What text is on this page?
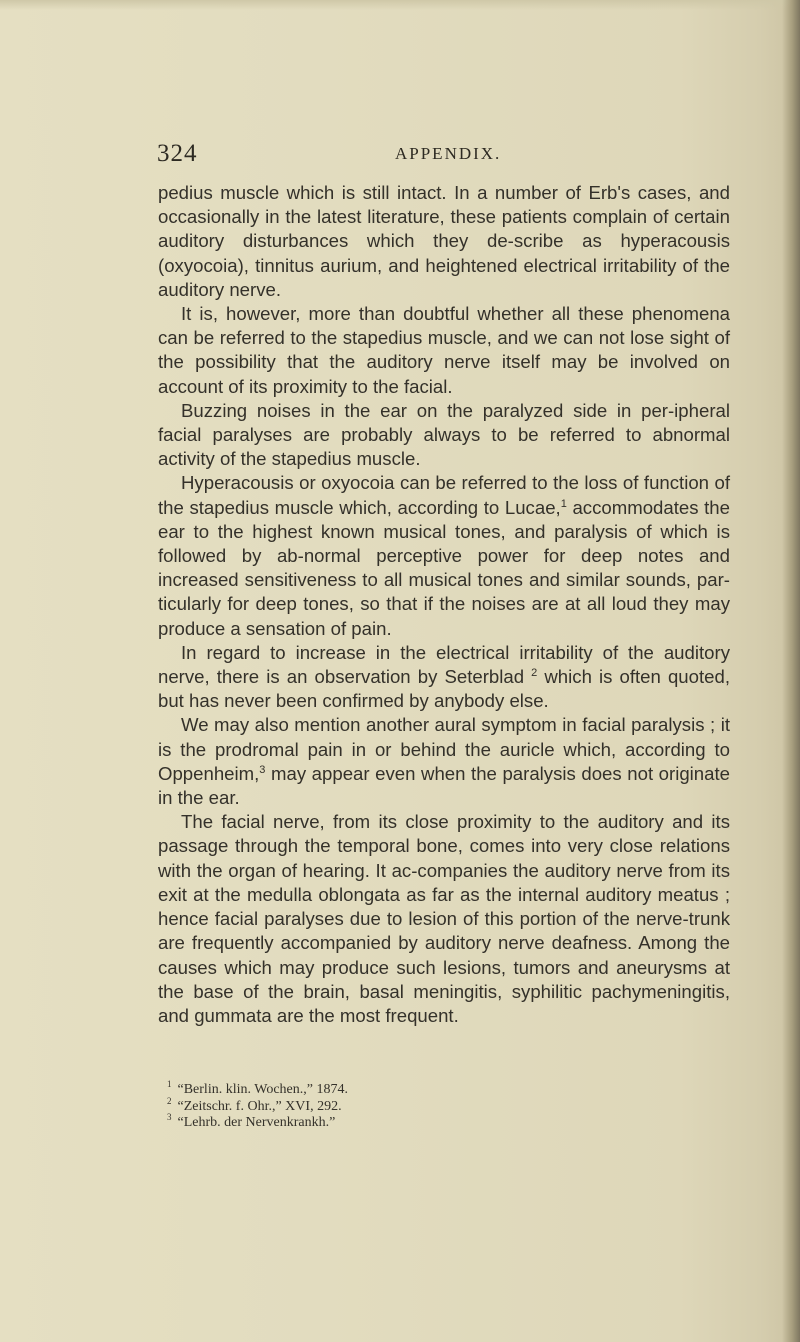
324	APPENDIX.

pedius muscle which is still intact. In a number of Erb's cases, and occasionally in the latest literature, these patients complain of certain auditory disturbances which they de-scribe as hyperacousis (oxyocoia), tinnitus aurium, and heightened electrical irritability of the auditory nerve.

It is, however, more than doubtful whether all these phenomena can be referred to the stapedius muscle, and we can not lose sight of the possibility that the auditory nerve itself may be involved on account of its proximity to the facial.

Buzzing noises in the ear on the paralyzed side in per-ipheral facial paralyses are probably always to be referred to abnormal activity of the stapedius muscle.

Hyperacousis or oxyocoia can be referred to the loss of function of the stapedius muscle which, according to Lucae,$^1$ accommodates the ear to the highest known musical tones, and paralysis of which is followed by ab-normal perceptive power for deep notes and increased sensitiveness to all musical tones and similar sounds, par-ticularly for deep tones, so that if the noises are at all loud they may produce a sensation of pain.

In regard to increase in the electrical irritability of the auditory nerve, there is an observation by Seterblad $^2$ which is often quoted, but has never been confirmed by anybody else.

We may also mention another aural symptom in facial paralysis ; it is the prodromal pain in or behind the auricle which, according to Oppenheim,$^3$ may appear even when the paralysis does not originate in the ear.

The facial nerve, from its close proximity to the auditory and its passage through the temporal bone, comes into very close relations with the organ of hearing. It ac-companies the auditory nerve from its exit at the medulla oblongata as far as the internal auditory meatus ; hence facial paralyses due to lesion of this portion of the nerve-trunk are frequently accompanied by auditory nerve deafness. Among the causes which may produce such lesions, tumors and aneurysms at the base of the brain, basal meningitis, syphilitic pachymeningitis, and gummata are the most frequent.

$^1$ “Berlin. klin. Wochen.,” 1874.
$^2$ “Zeitschr. f. Ohr.,” XVI, 292.
$^3$ “Lehrb. der Nervenkrankh.”
